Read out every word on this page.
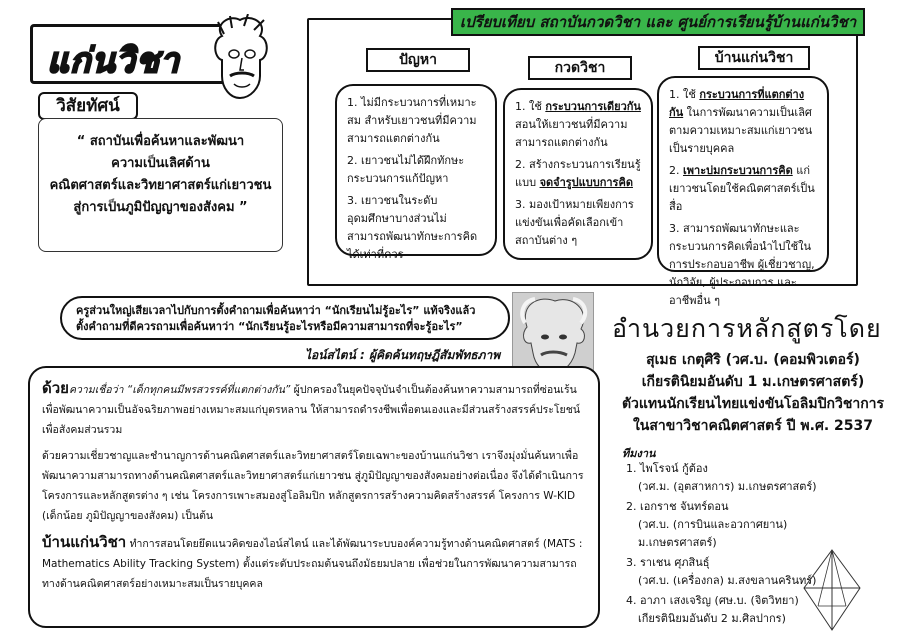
แก่นวิชา
วิสัยทัศน์
“ สถาบันเพื่อค้นหาและพัฒนา
ความเป็นเลิศด้าน
คณิตศาสตร์และวิทยาศาสตร์แก่เยาวชน
สู่การเป็นภูมิปัญญาของสังคม ”
เปรียบเทียบ สถาบันกวดวิชา และ ศูนย์การเรียนรู้บ้านแก่นวิชา
ปัญหา
1. ไม่มีกระบวนการที่เหมาะสม สำหรับเยาวชนที่มีความสามารถแตกต่างกัน
2. เยาวชนไม่ได้ฝึกทักษะกระบวนการแก้ปัญหา
3. เยาวชนในระดับอุดมศึกษาบางส่วนไม่สามารถพัฒนาทักษะการคิดได้เท่าที่ควร
กวดวิชา
1. ใช้ กระบวนการเดียวกัน สอนให้เยาวชนที่มีความสามารถแตกต่างกัน
2. สร้างกระบวนการเรียนรู้แบบ จดจำรูปแบบการคิด
3. มองเป้าหมายเพียงการแข่งขันเพื่อคัดเลือกเข้าสถาบันต่าง ๆ
บ้านแก่นวิชา
1. ใช้ กระบวนการที่แตกต่างกัน ในการพัฒนาความเป็นเลิศ ตามความเหมาะสมแก่เยาวชนเป็นรายบุคคล
2. เพาะบ่มกระบวนการคิด แก่เยาวชนโดยใช้คณิตศาสตร์เป็นสื่อ
3. สามารถพัฒนาทักษะและกระบวนการคิดเพื่อนำไปใช้ในการประกอบอาชีพ ผู้เชี่ยวชาญ, นักวิจัย, ผู้ประกอบการ และอาชีพอื่น ๆ
ครูส่วนใหญ่เสียเวลาไปกับการตั้งคำถามเพื่อค้นหาว่า “นักเรียนไม่รู้อะไร” แท้จริงแล้ว
ตั้งคำถามที่ดีควรถามเพื่อค้นหาว่า “นักเรียนรู้อะไรหรือมีความสามารถที่จะรู้อะไร”
ไอน์สไตน์ : ผู้คิดค้นทฤษฎีสัมพัทธภาพ

ด้วยความเชื่อว่า “เด็กทุกคนมีพรสวรรค์ที่แตกต่างกัน” ผู้ปกครองในยุคปัจจุบันจำเป็นต้องค้นหาความสามารถที่ซ่อนเร้น เพื่อพัฒนาความเป็นอัจฉริยภาพอย่างเหมาะสมแก่บุตรหลาน ให้สามารถดำรงชีพเพื่อตนเองและมีส่วนสร้างสรรค์ประโยชน์เพื่อสังคมส่วนรวม

ด้วยความเชี่ยวชาญและชำนาญการด้านคณิตศาสตร์และวิทยาศาสตร์โดยเฉพาะของบ้านแก่นวิชา เราจึงมุ่งมั่นค้นหาเพื่อพัฒนาความสามารถทางด้านคณิตศาสตร์และวิทยาศาสตร์แก่เยาวชน สู่ภูมิปัญญาของสังคมอย่างต่อเนื่อง จึงได้ดำเนินการโครงการและหลักสูตรต่าง ๆ เช่น โครงการเพาะสมองสู่โอลิมปิก หลักสูตรการสร้างความคิดสร้างสรรค์ โครงการ W-KID (เด็กน้อย ภูมิปัญญาของสังคม) เป็นต้น

บ้านแก่นวิชา ทำการสอนโดยยึดแนวคิดของไอน์สไตน์ และได้พัฒนาระบบองค์ความรู้ทางด้านคณิตศาสตร์ (MATS : Mathematics Ability Tracking System) ตั้งแต่ระดับประถมต้นจนถึงมัธยมปลาย เพื่อช่วยในการพัฒนาความสามารถทางด้านคณิตศาสตร์อย่างเหมาะสมเป็นรายบุคคล

อำนวยการหลักสูตรโดย
สุเมธ เกตุศิริ (วศ.บ. (คอมพิวเตอร์)
เกียรตินิยมอันดับ 1 ม.เกษตรศาสตร์)
ตัวแทนนักเรียนไทยแข่งขันโอลิมปิกวิชาการ
ในสาขาวิชาคณิตศาสตร์ ปี พ.ศ. 2537
ทีมงาน
1. ไพโรจน์ กู้ต้อง
(วศ.ม. (อุตสาหการ) ม.เกษตรศาสตร์)
2. เอกราช จันทร์ดอน
(วศ.บ. (การบินและอวกาศยาน) ม.เกษตรศาสตร์)
3. ราเชน ศุภสินธุ์
(วศ.บ. (เครื่องกล) ม.สงขลานครินทร์)
4. อาภา เสงเจริญ (ศษ.บ. (จิตวิทยา)
เกียรตินิยมอันดับ 2 ม.ศิลปากร)
